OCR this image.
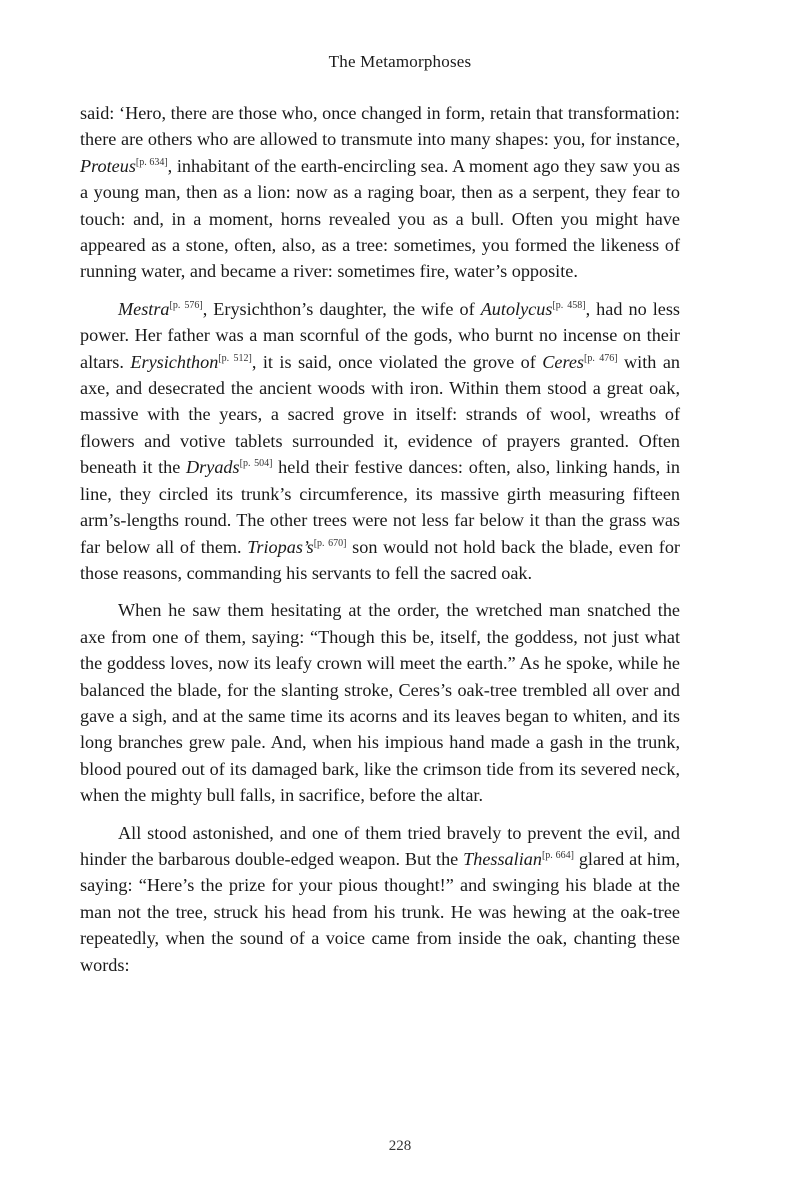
The Metamorphoses

said: ‘Hero, there are those who, once changed in form, retain that transformation: there are others who are allowed to transmute into many shapes: you, for instance, Proteus[p. 634], inhabitant of the earth-encircling sea. A moment ago they saw you as a young man, then as a lion: now as a raging boar, then as a serpent, they fear to touch: and, in a moment, horns revealed you as a bull. Often you might have appeared as a stone, often, also, as a tree: sometimes, you formed the likeness of running water, and became a river: sometimes fire, water’s opposite.

Mestra[p. 576], Erysichthon’s daughter, the wife of Autolycus[p. 458], had no less power. Her father was a man scornful of the gods, who burnt no incense on their altars. Erysichthon[p. 512], it is said, once violated the grove of Ceres[p. 476] with an axe, and desecrated the ancient woods with iron. Within them stood a great oak, massive with the years, a sacred grove in itself: strands of wool, wreaths of flowers and votive tablets surrounded it, evidence of prayers granted. Often beneath it the Dryads[p. 504] held their festive dances: often, also, linking hands, in line, they circled its trunk’s circumference, its massive girth measuring fifteen arm’s-lengths round. The other trees were not less far below it than the grass was far below all of them. Triopas’s[p. 670] son would not hold back the blade, even for those reasons, commanding his servants to fell the sacred oak.

When he saw them hesitating at the order, the wretched man snatched the axe from one of them, saying: “Though this be, itself, the goddess, not just what the goddess loves, now its leafy crown will meet the earth.” As he spoke, while he balanced the blade, for the slanting stroke, Ceres’s oak-tree trembled all over and gave a sigh, and at the same time its acorns and its leaves began to whiten, and its long branches grew pale. And, when his impious hand made a gash in the trunk, blood poured out of its damaged bark, like the crimson tide from its severed neck, when the mighty bull falls, in sacrifice, before the altar.

All stood astonished, and one of them tried bravely to prevent the evil, and hinder the barbarous double-edged weapon. But the Thessalian[p. 664] glared at him, saying: “Here’s the prize for your pious thought!” and swinging his blade at the man not the tree, struck his head from his trunk. He was hewing at the oak-tree repeatedly, when the sound of a voice came from inside the oak, chanting these words:

228
